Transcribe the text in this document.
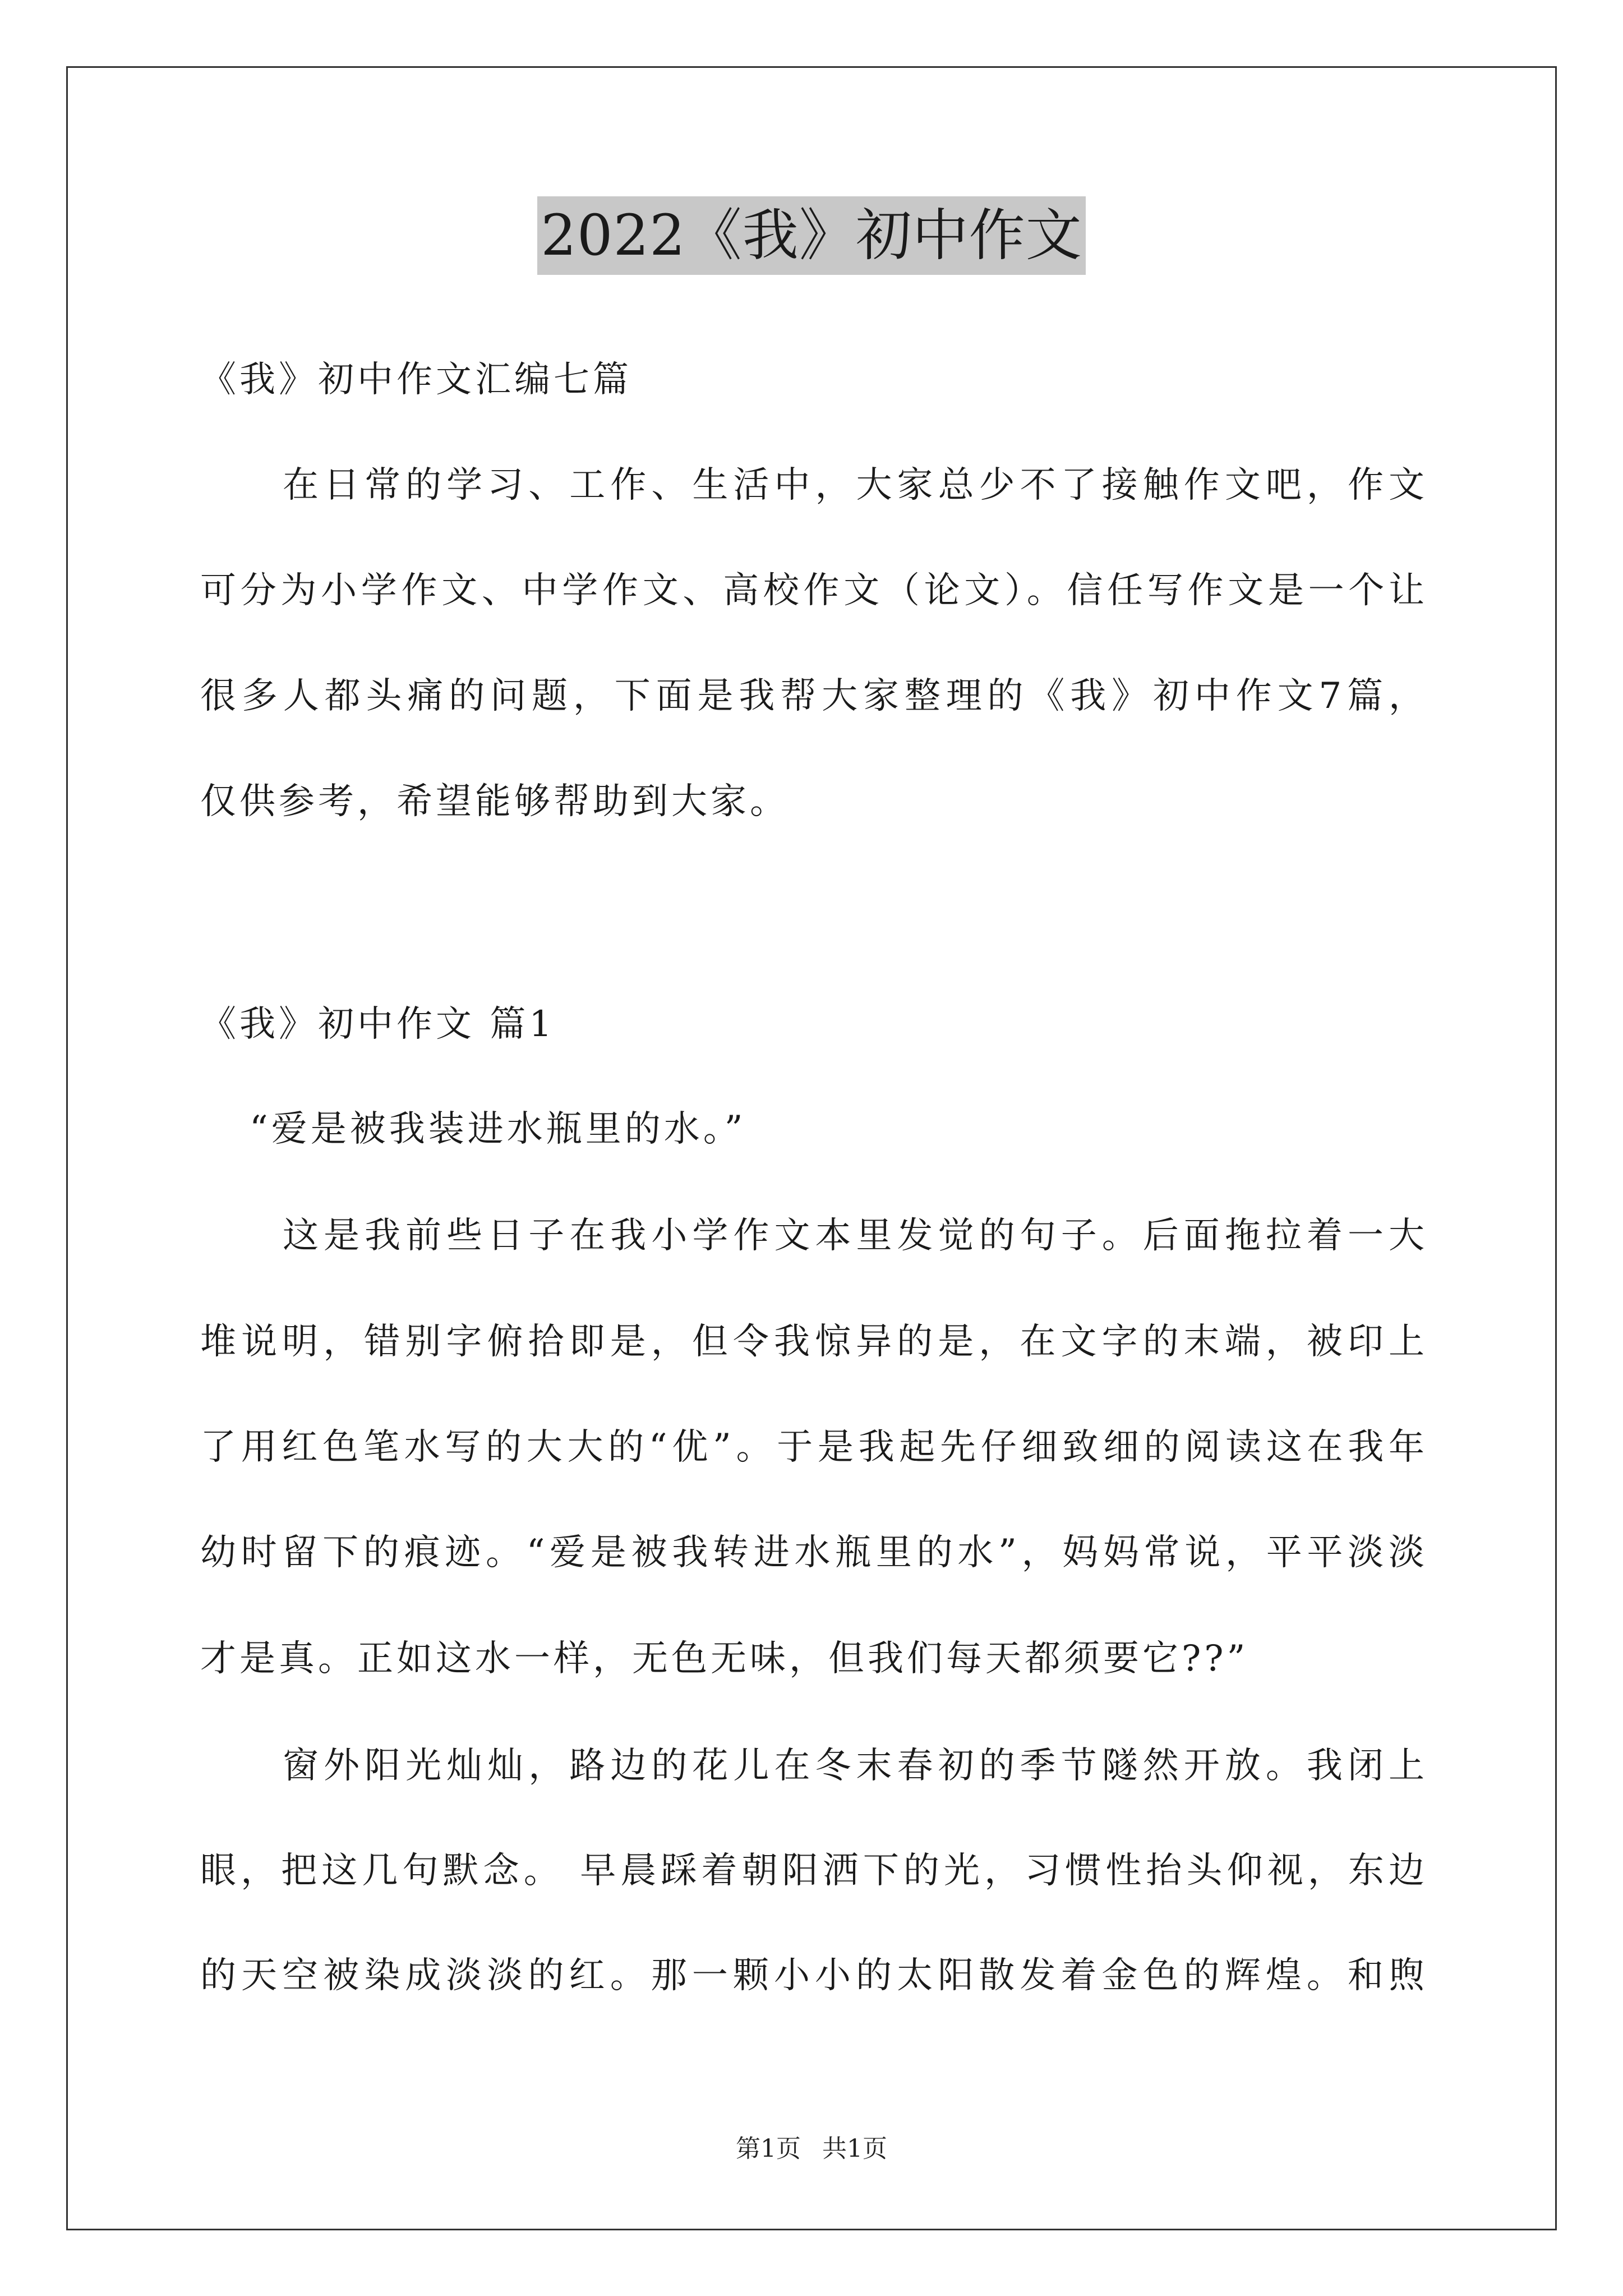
2022《我》初中作文
《我》初中作文汇编七篇
在日常的学习、工作、生活中，大家总少不了接触作文吧，作文
可分为小学作文、中学作文、高校作文（论文）。信任写作文是一个让
很多人都头痛的问题，下面是我帮大家整理的《我》初中作文7篇，
仅供参考，希望能够帮助到大家。
《我》初中作文 篇1
“爱是被我装进水瓶里的水。”
这是我前些日子在我小学作文本里发觉的句子。后面拖拉着一大
堆说明，错别字俯拾即是，但令我惊异的是，在文字的末端，被印上
了用红色笔水写的大大的“优”。于是我起先仔细致细的阅读这在我年
幼时留下的痕迹。“爱是被我转进水瓶里的水”，妈妈常说，平平淡淡
才是真。正如这水一样，无色无味，但我们每天都须要它??”
窗外阳光灿灿，路边的花儿在冬末春初的季节隧然开放。我闭上
眼，把这几句默念。 早晨踩着朝阳洒下的光，习惯性抬头仰视，东边
的天空被染成淡淡的红。那一颗小小的太阳散发着金色的辉煌。和煦
第1页 共1页
